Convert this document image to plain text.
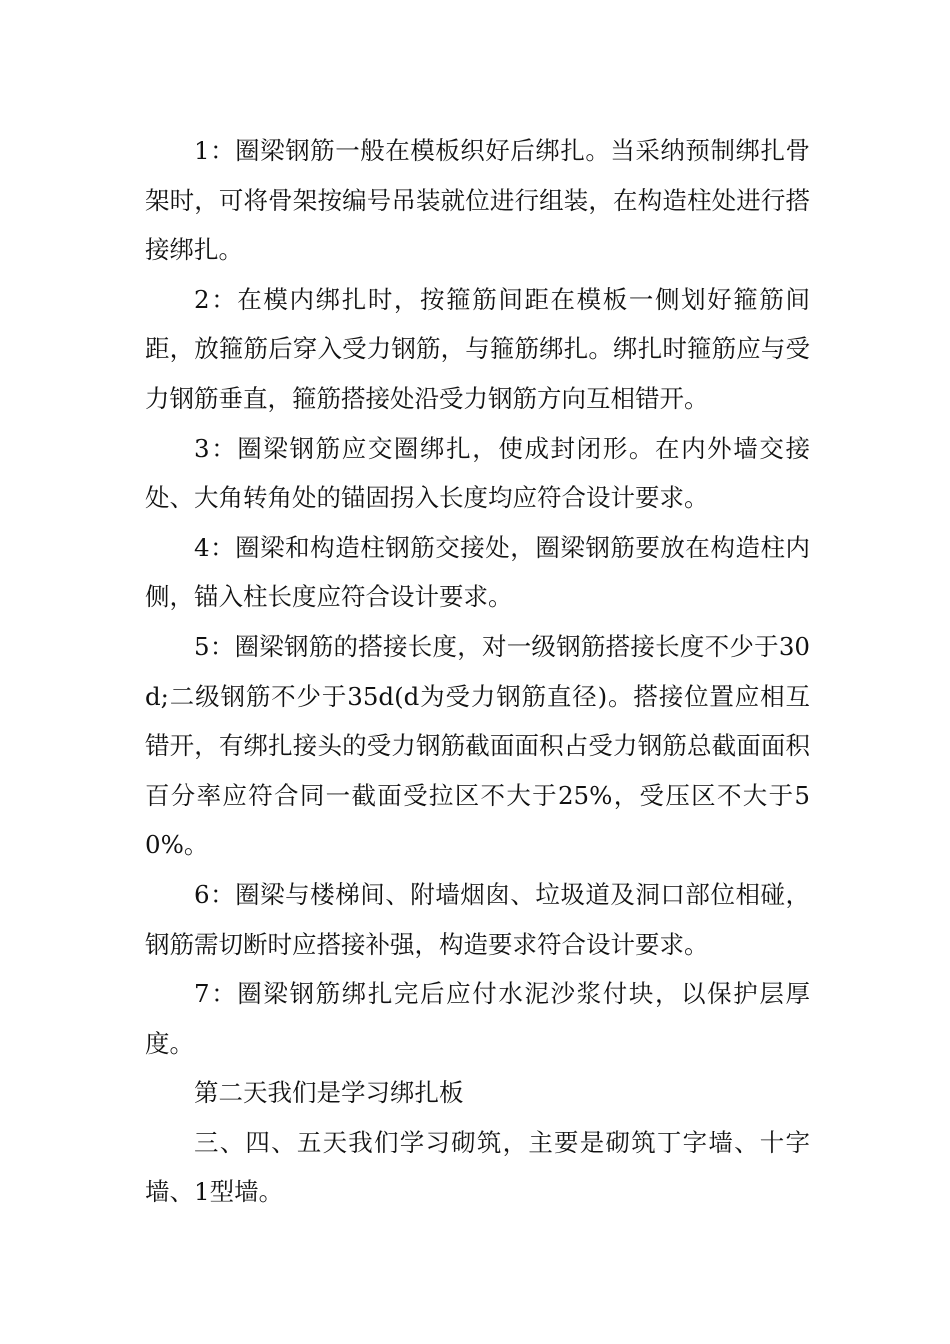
1：圈梁钢筋一般在模板织好后绑扎。当采纳预制绑扎骨架时，可将骨架按编号吊装就位进行组装，在构造柱处进行搭接绑扎。

2：在模内绑扎时，按箍筋间距在模板一侧划好箍筋间距，放箍筋后穿入受力钢筋，与箍筋绑扎。绑扎时箍筋应与受力钢筋垂直，箍筋搭接处沿受力钢筋方向互相错开。

3：圈梁钢筋应交圈绑扎，使成封闭形。在内外墙交接处、大角转角处的锚固拐入长度均应符合设计要求。

4：圈梁和构造柱钢筋交接处，圈梁钢筋要放在构造柱内侧，锚入柱长度应符合设计要求。

5：圈梁钢筋的搭接长度，对一级钢筋搭接长度不少于30d;二级钢筋不少于35d(d为受力钢筋直径)。搭接位置应相互错开，有绑扎接头的受力钢筋截面面积占受力钢筋总截面面积百分率应符合同一截面受拉区不大于25%，受压区不大于50%。

6：圈梁与楼梯间、附墙烟囱、垃圾道及洞口部位相碰，钢筋需切断时应搭接补强，构造要求符合设计要求。

7：圈梁钢筋绑扎完后应付水泥沙浆付块，以保护层厚度。

第二天我们是学习绑扎板

三、四、五天我们学习砌筑，主要是砌筑丁字墙、十字墙、1型墙。
